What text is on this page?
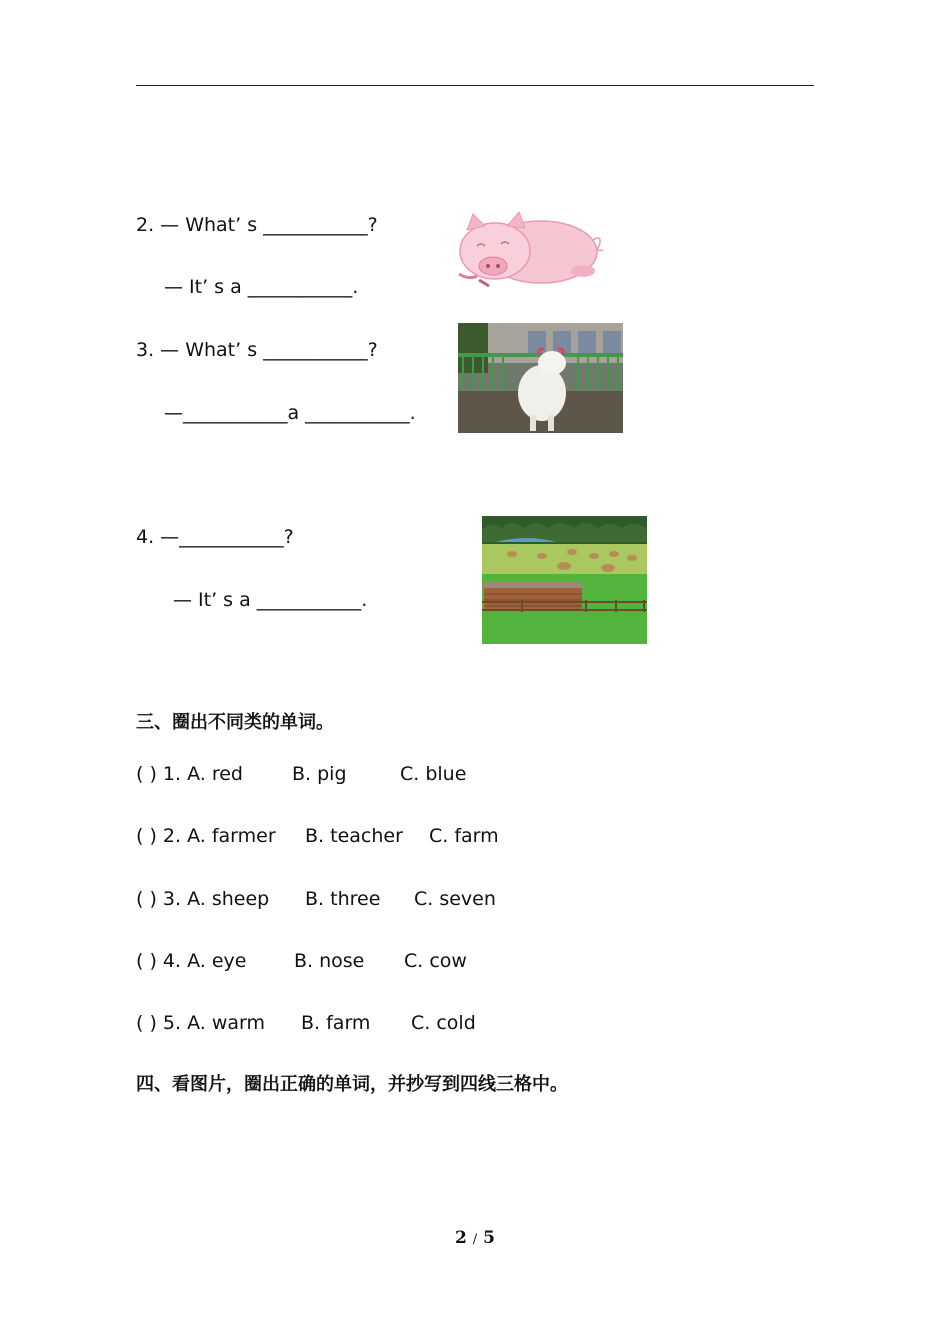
2. — What’ s ___________?
— It’ s a ___________.
3. — What’ s ___________?
—___________a ___________.
4. —___________?
— It’ s a ___________.
三、圈出不同类的单词。
( ) 1. A. red	B. pig	C. blue
( ) 2. A. farmer B. teacher C. farm
( ) 3. A. sheep B. three C. seven
( ) 4. A. eye	B. nose C. cow
( ) 5. A. warm B. farm C. cold
四、看图片，圈出正确的单词，并抄写到四线三格中。
2 / 5
